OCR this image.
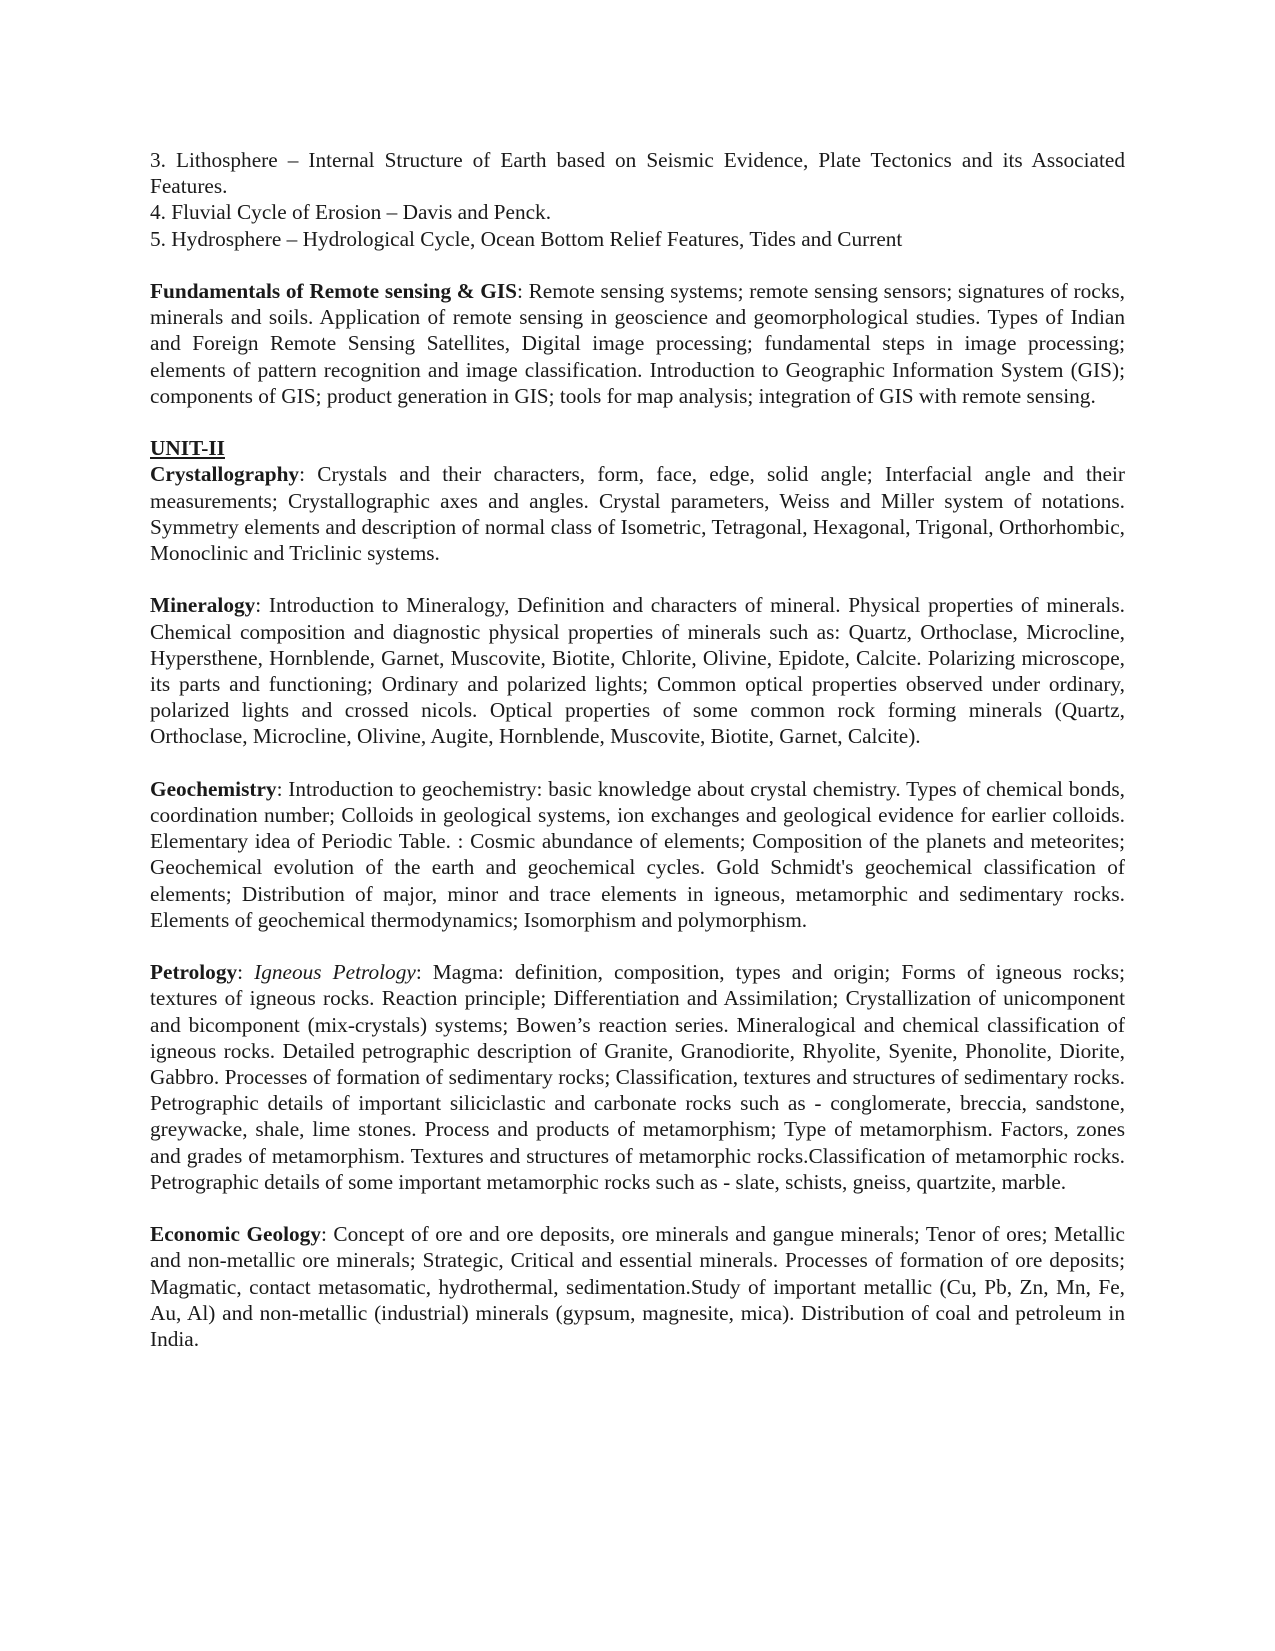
3. Lithosphere – Internal Structure of Earth based on Seismic Evidence, Plate Tectonics and its Associated Features.

4. Fluvial Cycle of Erosion – Davis and Penck.

5. Hydrosphere – Hydrological Cycle, Ocean Bottom Relief Features, Tides and Current

Fundamentals of Remote sensing & GIS: Remote sensing systems; remote sensing sensors; signatures of rocks, minerals and soils. Application of remote sensing in geoscience and geomorphological studies. Types of Indian and Foreign Remote Sensing Satellites, Digital image processing; fundamental steps in image processing; elements of pattern recognition and image classification. Introduction to Geographic Information System (GIS); components of GIS; product generation in GIS; tools for map analysis; integration of GIS with remote sensing.

UNIT-II

Crystallography: Crystals and their characters, form, face, edge, solid angle; Interfacial angle and their measurements; Crystallographic axes and angles. Crystal parameters, Weiss and Miller system of notations. Symmetry elements and description of normal class of Isometric, Tetragonal, Hexagonal, Trigonal, Orthorhombic, Monoclinic and Triclinic systems.

Mineralogy: Introduction to Mineralogy, Definition and characters of mineral. Physical properties of minerals. Chemical composition and diagnostic physical properties of minerals such as: Quartz, Orthoclase, Microcline, Hypersthene, Hornblende, Garnet, Muscovite, Biotite, Chlorite, Olivine, Epidote, Calcite. Polarizing microscope, its parts and functioning; Ordinary and polarized lights; Common optical properties observed under ordinary, polarized lights and crossed nicols. Optical properties of some common rock forming minerals (Quartz, Orthoclase, Microcline, Olivine, Augite, Hornblende, Muscovite, Biotite, Garnet, Calcite).

Geochemistry: Introduction to geochemistry: basic knowledge about crystal chemistry. Types of chemical bonds, coordination number; Colloids in geological systems, ion exchanges and geological evidence for earlier colloids. Elementary idea of Periodic Table. : Cosmic abundance of elements; Composition of the planets and meteorites; Geochemical evolution of the earth and geochemical cycles. Gold Schmidt's geochemical classification of elements; Distribution of major, minor and trace elements in igneous, metamorphic and sedimentary rocks. Elements of geochemical thermodynamics; Isomorphism and polymorphism.

Petrology: Igneous Petrology: Magma: definition, composition, types and origin; Forms of igneous rocks; textures of igneous rocks. Reaction principle; Differentiation and Assimilation; Crystallization of unicomponent and bicomponent (mix-crystals) systems; Bowen’s reaction series. Mineralogical and chemical classification of igneous rocks. Detailed petrographic description of Granite, Granodiorite, Rhyolite, Syenite, Phonolite, Diorite, Gabbro. Processes of formation of sedimentary rocks; Classification, textures and structures of sedimentary rocks. Petrographic details of important siliciclastic and carbonate rocks such as - conglomerate, breccia, sandstone, greywacke, shale, lime stones. Process and products of metamorphism; Type of metamorphism. Factors, zones and grades of metamorphism. Textures and structures of metamorphic rocks.Classification of metamorphic rocks. Petrographic details of some important metamorphic rocks such as - slate, schists, gneiss, quartzite, marble.

Economic Geology: Concept of ore and ore deposits, ore minerals and gangue minerals; Tenor of ores; Metallic and non-metallic ore minerals; Strategic, Critical and essential minerals. Processes of formation of ore deposits; Magmatic, contact metasomatic, hydrothermal, sedimentation.Study of important metallic (Cu, Pb, Zn, Mn, Fe, Au, Al) and non-metallic (industrial) minerals (gypsum, magnesite, mica). Distribution of coal and petroleum in India.
